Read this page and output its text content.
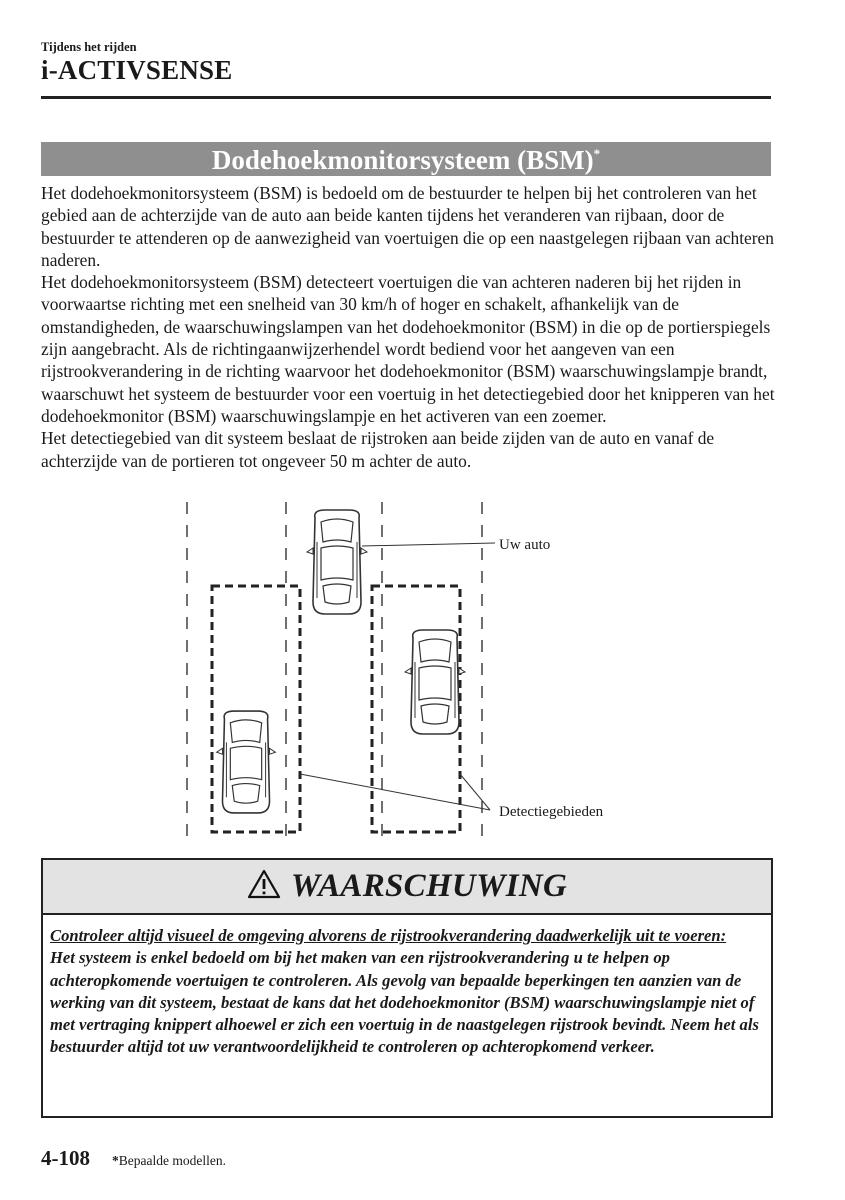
Tijdens het rijden
i-ACTIVSENSE
Dodehoekmonitorsysteem (BSM)*

Het dodehoekmonitorsysteem (BSM) is bedoeld om de bestuurder te helpen bij het controleren van het gebied aan de achterzijde van de auto aan beide kanten tijdens het veranderen van rijbaan, door de bestuurder te attenderen op de aanwezigheid van voertuigen die op een naastgelegen rijbaan van achteren naderen.

Het dodehoekmonitorsysteem (BSM) detecteert voertuigen die van achteren naderen bij het rijden in voorwaartse richting met een snelheid van 30 km/h of hoger en schakelt, afhankelijk van de omstandigheden, de waarschuwingslampen van het dodehoekmonitor (BSM) in die op de portierspiegels zijn aangebracht. Als de richtingaanwijzerhendel wordt bediend voor het aangeven van een rijstrookverandering in de richting waarvoor het dodehoekmonitor (BSM) waarschuwingslampje brandt, waarschuwt het systeem de bestuurder voor een voertuig in het detectiegebied door het knipperen van het dodehoekmonitor (BSM) waarschuwingslampje en het activeren van een zoemer.

Het detectiegebied van dit systeem beslaat de rijstroken aan beide zijden van de auto en vanaf de achterzijde van de portieren tot ongeveer 50 m achter de auto.

Uw auto
Detectiegebieden
WAARSCHUWING

Controleer altijd visueel de omgeving alvorens de rijstrookverandering daadwerkelijk uit te voeren:

Het systeem is enkel bedoeld om bij het maken van een rijstrookverandering u te helpen op achteropkomende voertuigen te controleren. Als gevolg van bepaalde beperkingen ten aanzien van de werking van dit systeem, bestaat de kans dat het dodehoekmonitor (BSM) waarschuwingslampje niet of met vertraging knippert alhoewel er zich een voertuig in de naastgelegen rijstrook bevindt. Neem het als bestuurder altijd tot uw verantwoordelijkheid te controleren op achteropkomend verkeer.

4-108 *Bepaalde modellen.
